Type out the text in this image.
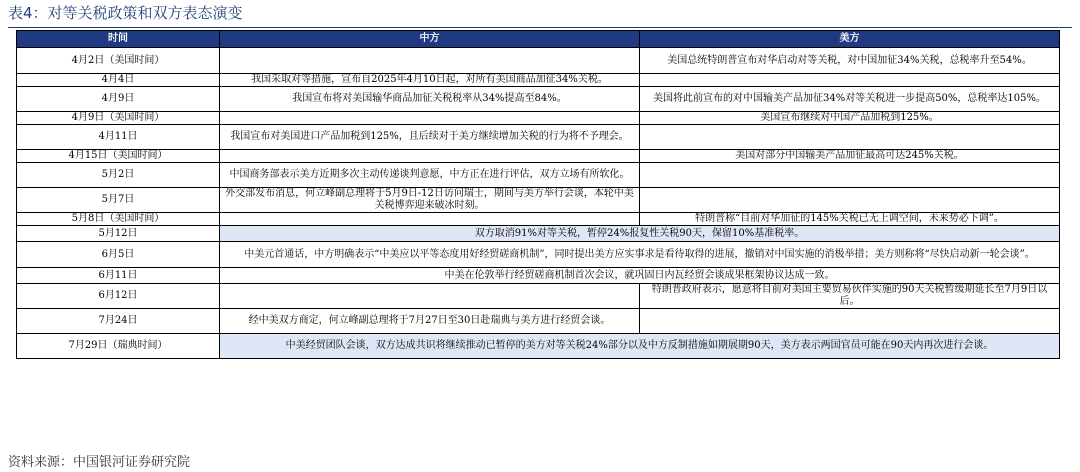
表4：对等关税政策和双方表态演变
时间	中方	美方
4月2日（美国时间）		美国总统特朗普宣布对华启动对等关税，对中国加征34%关税，总税率升至54%。
4月4日	我国采取对等措施，宣布自2025年4月10日起，对所有美国商品加征34%关税。	
4月9日	我国宣布将对美国输华商品加征关税税率从34%提高至84%。	美国将此前宣布的对中国输美产品加征34%对等关税进一步提高50%，总税率达105%。
4月9日（美国时间）		美国宣布继续对中国产品加税到125%。
4月11日	我国宣布对美国进口产品加税到125%，且后续对于美方继续增加关税的行为将不予理会。	
4月15日（美国时间）		美国对部分中国输美产品加征最高可达245%关税。
5月2日	中国商务部表示美方近期多次主动传递谈判意愿，中方正在进行评估，双方立场有所软化。	
5月7日	外交部发布消息，何立峰副总理将于5月9日-12日访问瑞士，期间与美方举行会谈，本轮中美关税博弈迎来破冰时刻。	
5月8日（美国时间）		特朗普称“目前对华加征的145%关税已无上调空间，未来势必下调”。
5月12日	双方取消91%对等关税，暂停24%报复性关税90天，保留10%基准税率。	
6月5日	中美元首通话，中方明确表示“中美应以平等态度用好经贸磋商机制”，同时提出美方应实事求是看待取得的进展，撤销对中国实施的消极举措；美方则称将“尽快启动新一轮会谈”。	
6月11日	中美在伦敦举行经贸磋商机制首次会议，就巩固日内瓦经贸会谈成果框架协议达成一致。	
6月12日		特朗普政府表示，愿意将目前对美国主要贸易伙伴实施的90天关税暂缓期延长至7月9日以后。
7月24日	经中美双方商定，何立峰副总理将于7月27日至30日赴瑞典与美方进行经贸会谈。	
7月29日（瑞典时间）	中美经贸团队会谈，双方达成共识将继续推动已暂停的美方对等关税24%部分以及中方反制措施如期展期90天，美方表示两国官员可能在90天内再次进行会谈。	
资料来源：中国银河证券研究院
